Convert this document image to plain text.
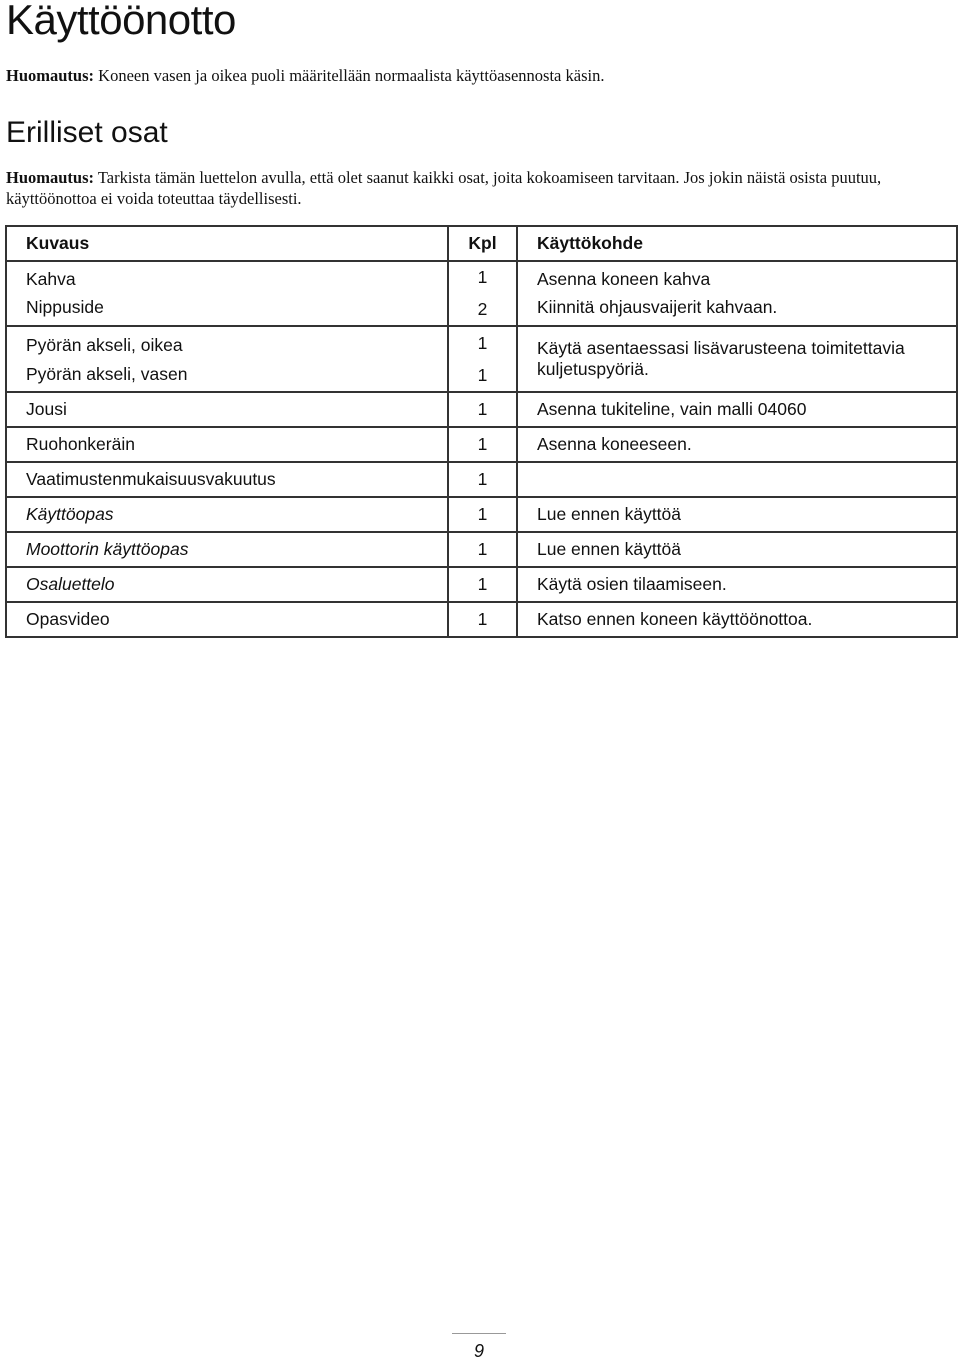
Käyttöönotto

Huomautus: Koneen vasen ja oikea puoli määritellään normaalista käyttöasennosta käsin.

Erilliset osat

Huomautus: Tarkista tämän luettelon avulla, että olet saanut kaikki osat, joita kokoamiseen tarvitaan. Jos jokin näistä osista puutuu, käyttöönottoa ei voida toteuttaa täydellisesti.

Kuvaus	Kpl	Käyttökohde
Kahva	1	Asenna koneen kahva
Nippuside	2	Kiinnitä ohjausvaijerit kahvaan.
Pyörän akseli, oikea	1	Käytä asentaessasi lisävarusteena toimitettavia
kuljetuspyöriä.

Pyörän akseli, vasen	1	
Jousi	1	Asenna tukiteline, vain malli 04060
Ruohonkeräin	1	Asenna koneeseen.
Vaatimustenmukaisuusvakuutus	1	
Käyttöopas	1	Lue ennen käyttöä
Moottorin käyttöopas	1	Lue ennen käyttöä
Osaluettelo	1	Käytä osien tilaamiseen.
Opasvideo	1	Katso ennen koneen käyttöönottoa.
9
